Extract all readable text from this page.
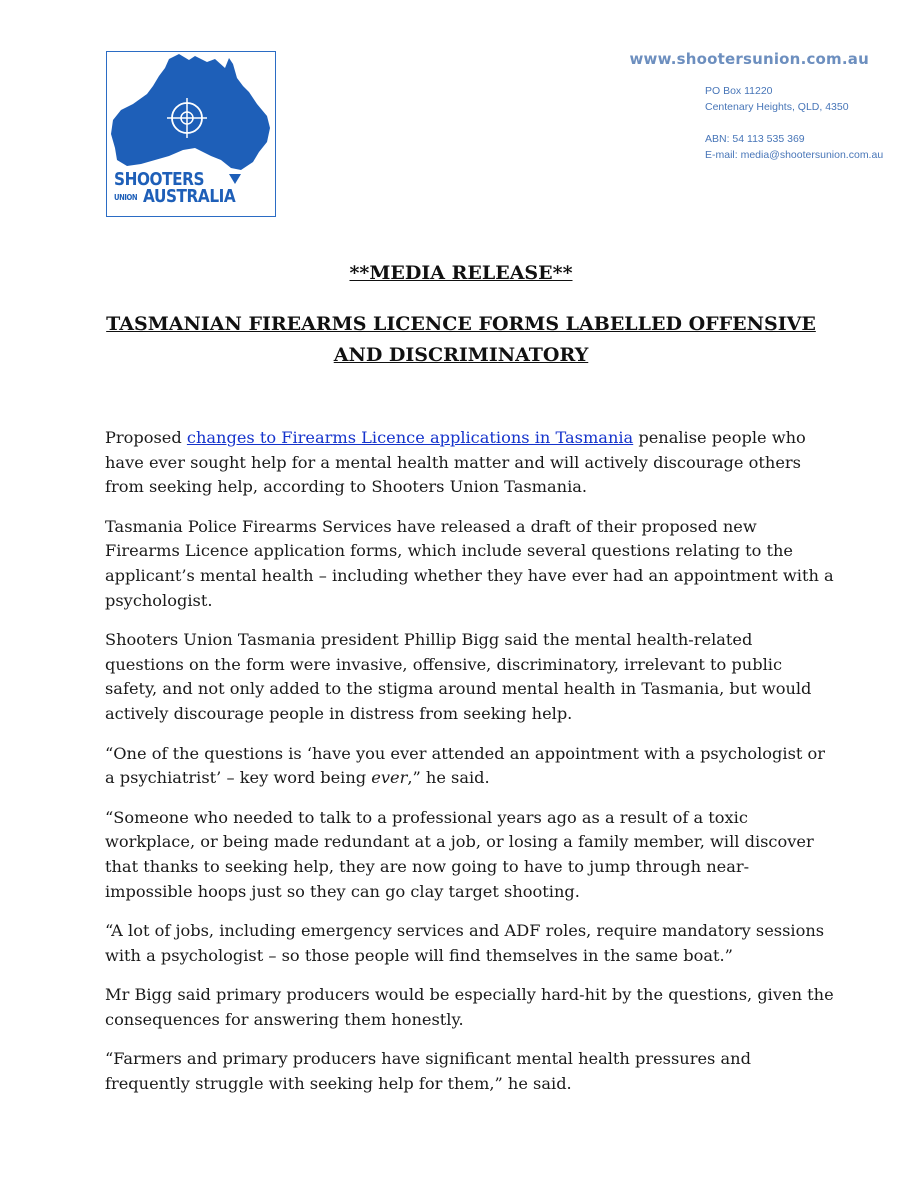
SHOOTERS
UNION AUSTRALIA
www.shootersunion.com.au
PO Box 11220
Centenary Heights, QLD, 4350
ABN: 54 113 535 369
E-mail: media@shootersunion.com.au
**MEDIA RELEASE**
TASMANIAN FIREARMS LICENCE FORMS LABELLED OFFENSIVE
AND DISCRIMINATORY

Proposed changes to Firearms Licence applications in Tasmania penalise people who have ever sought help for a mental health matter and will actively discourage others from seeking help, according to Shooters Union Tasmania.

Tasmania Police Firearms Services have released a draft of their proposed new Firearms Licence application forms, which include several questions relating to the applicant’s mental health – including whether they have ever had an appointment with a psychologist.

Shooters Union Tasmania president Phillip Bigg said the mental health-related questions on the form were invasive, offensive, discriminatory, irrelevant to public safety, and not only added to the stigma around mental health in Tasmania, but would actively discourage people in distress from seeking help.

“One of the questions is ‘have you ever attended an appointment with a psychologist or a psychiatrist’ – key word being ever,” he said.

“Someone who needed to talk to a professional years ago as a result of a toxic workplace, or being made redundant at a job, or losing a family member, will discover that thanks to seeking help, they are now going to have to jump through near-impossible hoops just so they can go clay target shooting.

“A lot of jobs, including emergency services and ADF roles, require mandatory sessions with a psychologist – so those people will find themselves in the same boat.”

Mr Bigg said primary producers would be especially hard-hit by the questions, given the consequences for answering them honestly.

“Farmers and primary producers have significant mental health pressures and frequently struggle with seeking help for them,” he said.
